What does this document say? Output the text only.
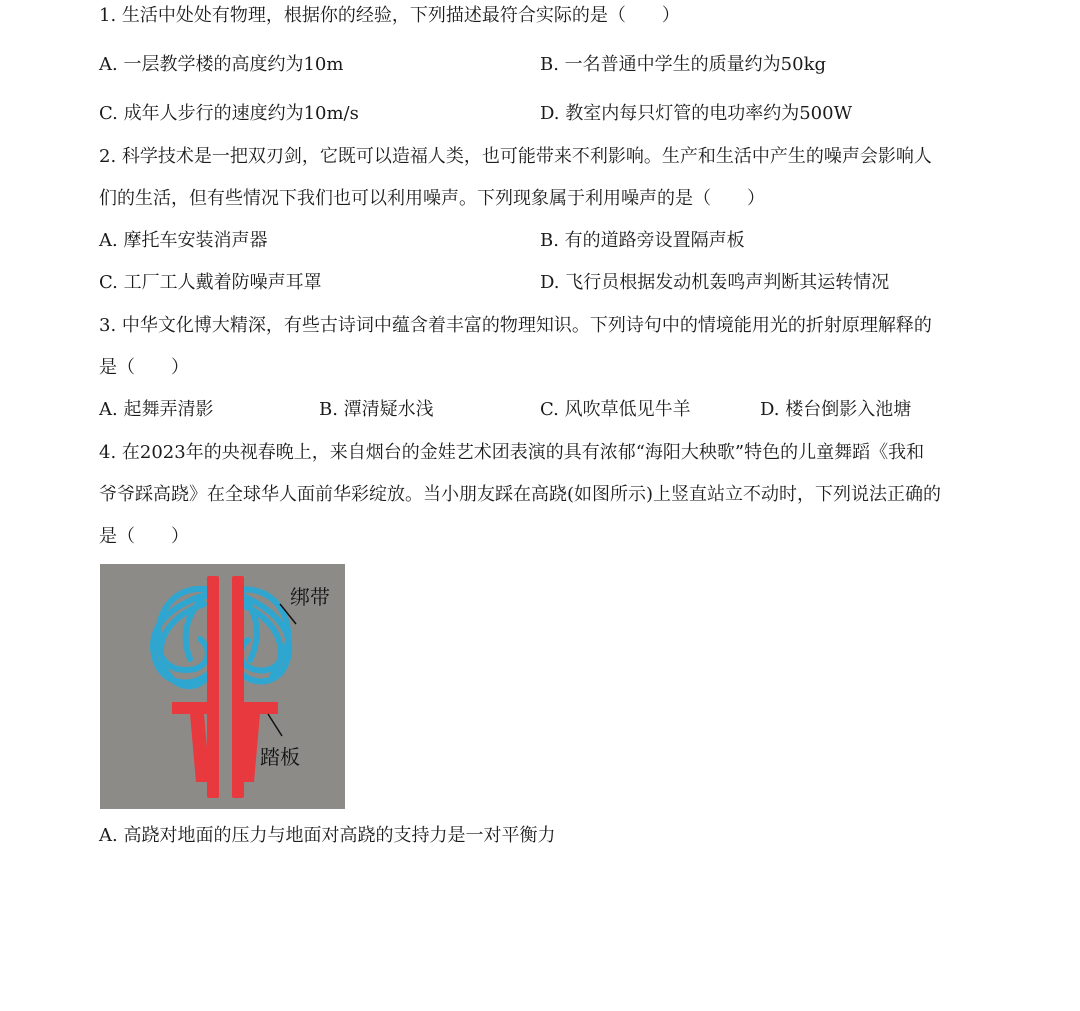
1. 生活中处处有物理，根据你的经验，下列描述最符合实际的是（　　）
A. 一层教学楼的高度约为10m	B. 一名普通中学生的质量约为50kg
C. 成年人步行的速度约为10m/s	D. 教室内每只灯管的电功率约为500W
2. 科学技术是一把双刃剑，它既可以造福人类，也可能带来不利影响。生产和生活中产生的噪声会影响人
们的生活，但有些情况下我们也可以利用噪声。下列现象属于利用噪声的是（　　）
A. 摩托车安装消声器	B. 有的道路旁设置隔声板
C. 工厂工人戴着防噪声耳罩	D. 飞行员根据发动机轰鸣声判断其运转情况
3. 中华文化博大精深，有些古诗词中蕴含着丰富的物理知识。下列诗句中的情境能用光的折射原理解释的
是（　　）
A. 起舞弄清影	B. 潭清疑水浅	C. 风吹草低见牛羊	D. 楼台倒影入池塘
4. 在2023年的央视春晚上，来自烟台的金娃艺术团表演的具有浓郁“海阳大秧歌”特色的儿童舞蹈《我和
爷爷踩高跷》在全球华人面前华彩绽放。当小朋友踩在高跷(如图所示)上竖直站立不动时，下列说法正确的
是（　　）
绑带
踏板
A. 高跷对地面的压力与地面对高跷的支持力是一对平衡力
